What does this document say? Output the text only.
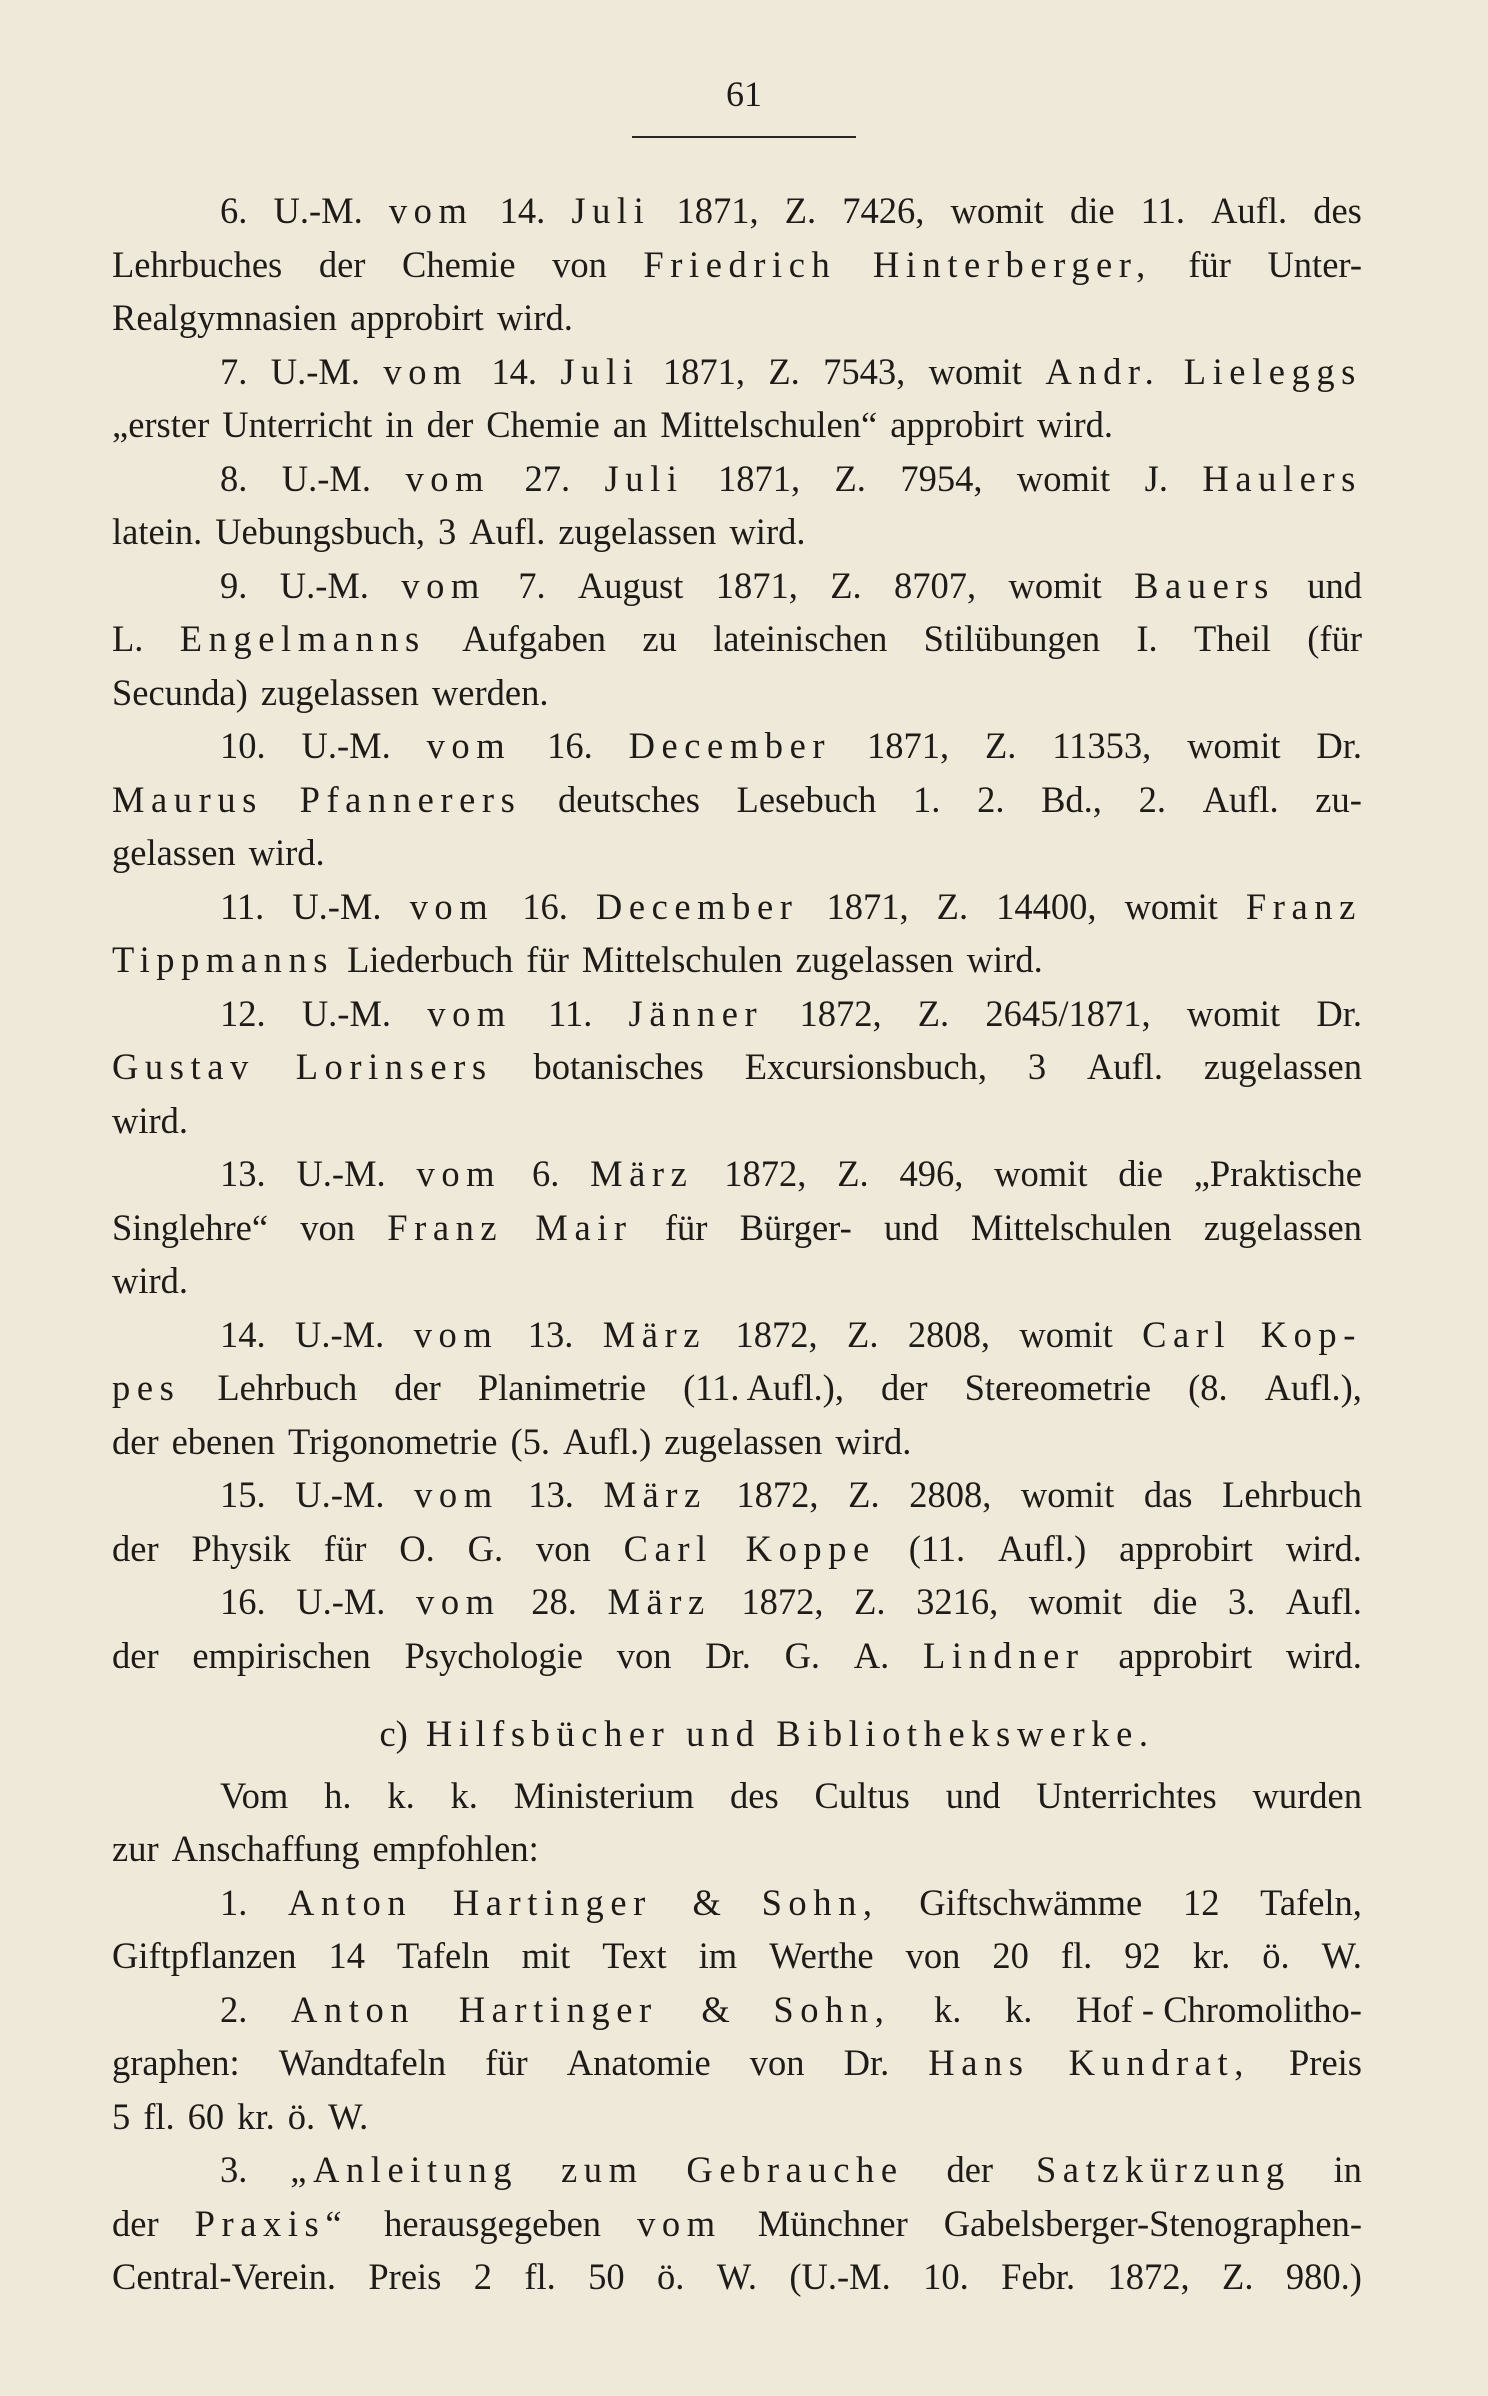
61
6. U.-M. vom 14. Juli 1871, Z. 7426, womit die 11. Aufl. des
Lehrbuches der Chemie von Friedrich Hinterberger, für Unter-
Realgymnasien approbirt wird.
7. U.-M. vom 14. Juli 1871, Z. 7543, womit Andr. Lieleggs
„erster Unterricht in der Chemie an Mittelschulen“ approbirt wird.
8. U.-M. vom 27. Juli 1871, Z. 7954, womit J. Haulers
latein. Uebungsbuch, 3 Aufl. zugelassen wird.
9. U.-M. vom 7. August 1871, Z. 8707, womit Bauers und
L. Engelmanns Aufgaben zu lateinischen Stilübungen I. Theil (für
Secunda) zugelassen werden.
10. U.-M. vom 16. December 1871, Z. 11353, womit Dr.
Maurus Pfannerers deutsches Lesebuch 1. 2. Bd., 2. Aufl. zu-
gelassen wird.
11. U.-M. vom 16. December 1871, Z. 14400, womit Franz
Tippmanns Liederbuch für Mittelschulen zugelassen wird.
12. U.-M. vom 11. Jänner 1872, Z. 2645/1871, womit Dr.
Gustav Lorinsers botanisches Excursionsbuch, 3 Aufl. zugelassen
wird.
13. U.-M. vom 6. März 1872, Z. 496, womit die „Praktische
Singlehre“ von Franz Mair für Bürger- und Mittelschulen zugelassen
wird.
14. U.-M. vom 13. März 1872, Z. 2808, womit Carl Kop-
pes Lehrbuch der Planimetrie (11. Aufl.), der Stereometrie (8. Aufl.),
der ebenen Trigonometrie (5. Aufl.) zugelassen wird.
15. U.-M. vom 13. März 1872, Z. 2808, womit das Lehrbuch
der Physik für O. G. von Carl Koppe (11. Aufl.) approbirt wird.
16. U.-M. vom 28. März 1872, Z. 3216, womit die 3. Aufl.
der empirischen Psychologie von Dr. G. A. Lindner approbirt wird.
c) Hilfsbücher und Bibliothekswerke.
Vom h. k. k. Ministerium des Cultus und Unterrichtes wurden
zur Anschaffung empfohlen:
1. Anton Hartinger & Sohn, Giftschwämme 12 Tafeln,
Giftpflanzen 14 Tafeln mit Text im Werthe von 20 fl. 92 kr. ö. W.
2. Anton Hartinger & Sohn, k. k. Hof - Chromolitho-
graphen: Wandtafeln für Anatomie von Dr. Hans Kundrat, Preis
5 fl. 60 kr. ö. W.
3. „Anleitung zum Gebrauche der Satzkürzung in
der Praxis“ herausgegeben vom Münchner Gabelsberger-Stenographen-
Central-Verein. Preis 2 fl. 50 ö. W. (U.-M. 10. Febr. 1872, Z. 980.)
